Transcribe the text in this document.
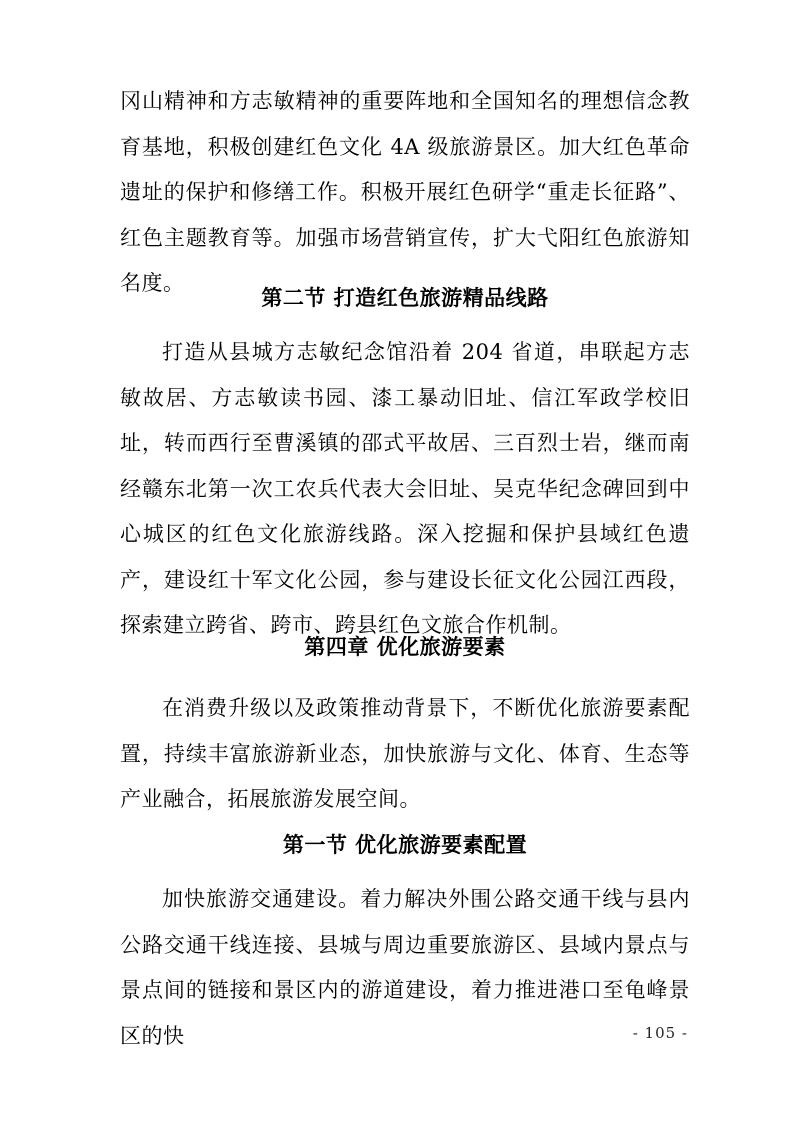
冈山精神和方志敏精神的重要阵地和全国知名的理想信念教育基地，积极创建红色文化 4A 级旅游景区。加大红色革命遗址的保护和修缮工作。积极开展红色研学“重走长征路”、红色主题教育等。加强市场营销宣传，扩大弋阳红色旅游知名度。

第二节 打造红色旅游精品线路

打造从县城方志敏纪念馆沿着 204 省道，串联起方志敏故居、方志敏读书园、漆工暴动旧址、信江军政学校旧址，转而西行至曹溪镇的邵式平故居、三百烈士岩，继而南经赣东北第一次工农兵代表大会旧址、吴克华纪念碑回到中心城区的红色文化旅游线路。深入挖掘和保护县域红色遗产，建设红十军文化公园，参与建设长征文化公园江西段，探索建立跨省、跨市、跨县红色文旅合作机制。

第四章 优化旅游要素

在消费升级以及政策推动背景下，不断优化旅游要素配置，持续丰富旅游新业态，加快旅游与文化、体育、生态等产业融合，拓展旅游发展空间。

第一节 优化旅游要素配置

加快旅游交通建设。着力解决外围公路交通干线与县内公路交通干线连接、县城与周边重要旅游区、县域内景点与景点间的链接和景区内的游道建设，着力推进港口至龟峰景区的快	- 105 -
